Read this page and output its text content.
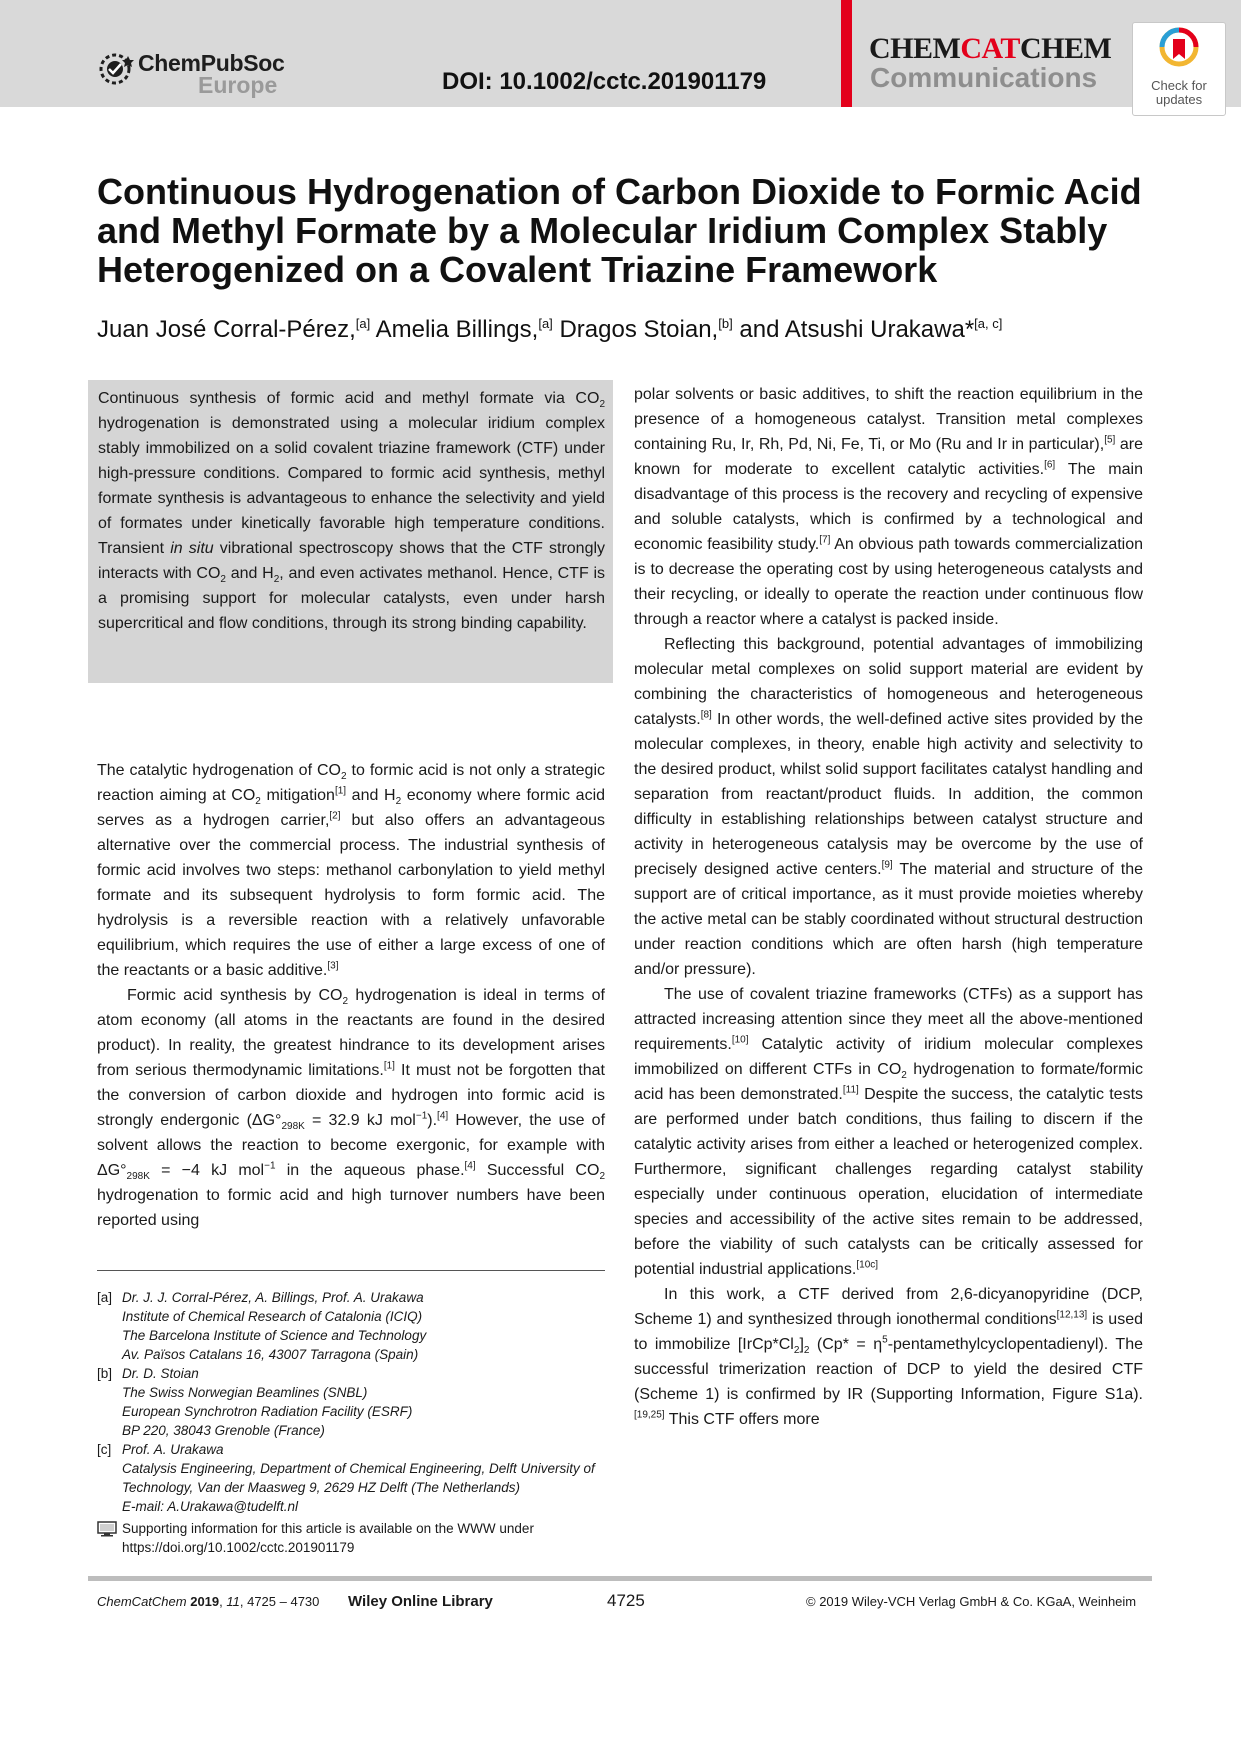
ChemPubSoc
Europe	DOI: 10.1002/cctc.201901179
CHEMCATCHEM
Communications	Check for
updates
Continuous Hydrogenation of Carbon Dioxide to Formic Acid and Methyl Formate by a Molecular Iridium Complex Stably Heterogenized on a Covalent Triazine Framework
Juan José Corral-Pérez,[a] Amelia Billings,[a] Dragos Stoian,[b] and Atsushi Urakawa*[a, c]

Continuous synthesis of formic acid and methyl formate via $CO_2$ hydrogenation is demonstrated using a molecular iridium complex stably immobilized on a solid covalent triazine framework (CTF) under high-pressure conditions. Compared to formic acid synthesis, methyl formate synthesis is advantageous to enhance the selectivity and yield of formates under kinetically favorable high temperature conditions. Transient in situ vibrational spectroscopy shows that the CTF strongly interacts with $CO_2$ and $H_2$, and even activates methanol. Hence, CTF is a promising support for molecular catalysts, even under harsh supercritical and flow conditions, through its strong binding capability.

The catalytic hydrogenation of $CO_2$ to formic acid is not only a strategic reaction aiming at $CO_2$ mitigation[1] and $H_2$ economy where formic acid serves as a hydrogen carrier,[2] but also offers an advantageous alternative over the commercial process. The industrial synthesis of formic acid involves two steps: methanol carbonylation to yield methyl formate and its subsequent hydrolysis to form formic acid. The hydrolysis is a reversible reaction with a relatively unfavorable equilibrium, which requires the use of either a large excess of one of the reactants or a basic additive.[3]

Formic acid synthesis by $CO_2$ hydrogenation is ideal in terms of atom economy (all atoms in the reactants are found in the desired product). In reality, the greatest hindrance to its development arises from serious thermodynamic limitations.[1] It must not be forgotten that the conversion of carbon dioxide and hydrogen into formic acid is strongly endergonic ($\Delta G^\circ_{298K} = 32.9$ kJ mol$^{-1}$).[4] However, the use of solvent allows the reaction to become exergonic, for example with $\Delta G^\circ_{298K} = -4$ kJ mol$^{-1}$ in the aqueous phase.[4] Successful $CO_2$ hydrogenation to formic acid and high turnover numbers have been reported using

polar solvents or basic additives, to shift the reaction equilibrium in the presence of a homogeneous catalyst. Transition metal complexes containing Ru, Ir, Rh, Pd, Ni, Fe, Ti, or Mo (Ru and Ir in particular),[5] are known for moderate to excellent catalytic activities.[6] The main disadvantage of this process is the recovery and recycling of expensive and soluble catalysts, which is confirmed by a technological and economic feasibility study.[7] An obvious path towards commercialization is to decrease the operating cost by using heterogeneous catalysts and their recycling, or ideally to operate the reaction under continuous flow through a reactor where a catalyst is packed inside.

Reflecting this background, potential advantages of immobilizing molecular metal complexes on solid support material are evident by combining the characteristics of homogeneous and heterogeneous catalysts.[8] In other words, the well-defined active sites provided by the molecular complexes, in theory, enable high activity and selectivity to the desired product, whilst solid support facilitates catalyst handling and separation from reactant/product fluids. In addition, the common difficulty in establishing relationships between catalyst structure and activity in heterogeneous catalysis may be overcome by the use of precisely designed active centers.[9] The material and structure of the support are of critical importance, as it must provide moieties whereby the active metal can be stably coordinated without structural destruction under reaction conditions which are often harsh (high temperature and/or pressure).

The use of covalent triazine frameworks (CTFs) as a support has attracted increasing attention since they meet all the above-mentioned requirements.[10] Catalytic activity of iridium molecular complexes immobilized on different CTFs in $CO_2$ hydrogenation to formate/formic acid has been demonstrated.[11] Despite the success, the catalytic tests are performed under batch conditions, thus failing to discern if the catalytic activity arises from either a leached or heterogenized complex. Furthermore, significant challenges regarding catalyst stability especially under continuous operation, elucidation of intermediate species and accessibility of the active sites remain to be addressed, before the viability of such catalysts can be critically assessed for potential industrial applications.[10c]

In this work, a CTF derived from 2,6-dicyanopyridine (DCP, Scheme 1) and synthesized through ionothermal conditions[12,13] is used to immobilize $[IrCp*Cl_2]_2$ $(Cp* = \eta^5-pentamethylcyclopentadienyl)$. The successful trimerization reaction of DCP to yield the desired CTF (Scheme 1) is confirmed by IR (Supporting Information, Figure S1a).[19,25] This CTF offers more

[a] Dr. J. J. Corral-Pérez, A. Billings, Prof. A. Urakawa
Institute of Chemical Research of Catalonia (ICIQ)
The Barcelona Institute of Science and Technology
Av. Països Catalans 16, 43007 Tarragona (Spain)
[b] Dr. D. Stoian
The Swiss Norwegian Beamlines (SNBL)
European Synchrotron Radiation Facility (ESRF)
BP 220, 38043 Grenoble (France)
[c] Prof. A. Urakawa
Catalysis Engineering, Department of Chemical Engineering, Delft University of Technology, Van der Maasweg 9, 2629 HZ Delft (The Netherlands)
E-mail: A.Urakawa@tudelft.nl
Supporting information for this article is available on the WWW under https://doi.org/10.1002/cctc.201901179
ChemCatChem 2019, 11, 4725 – 4730 Wiley Online Library	4725	© 2019 Wiley-VCH Verlag GmbH & Co. KGaA, Weinheim
